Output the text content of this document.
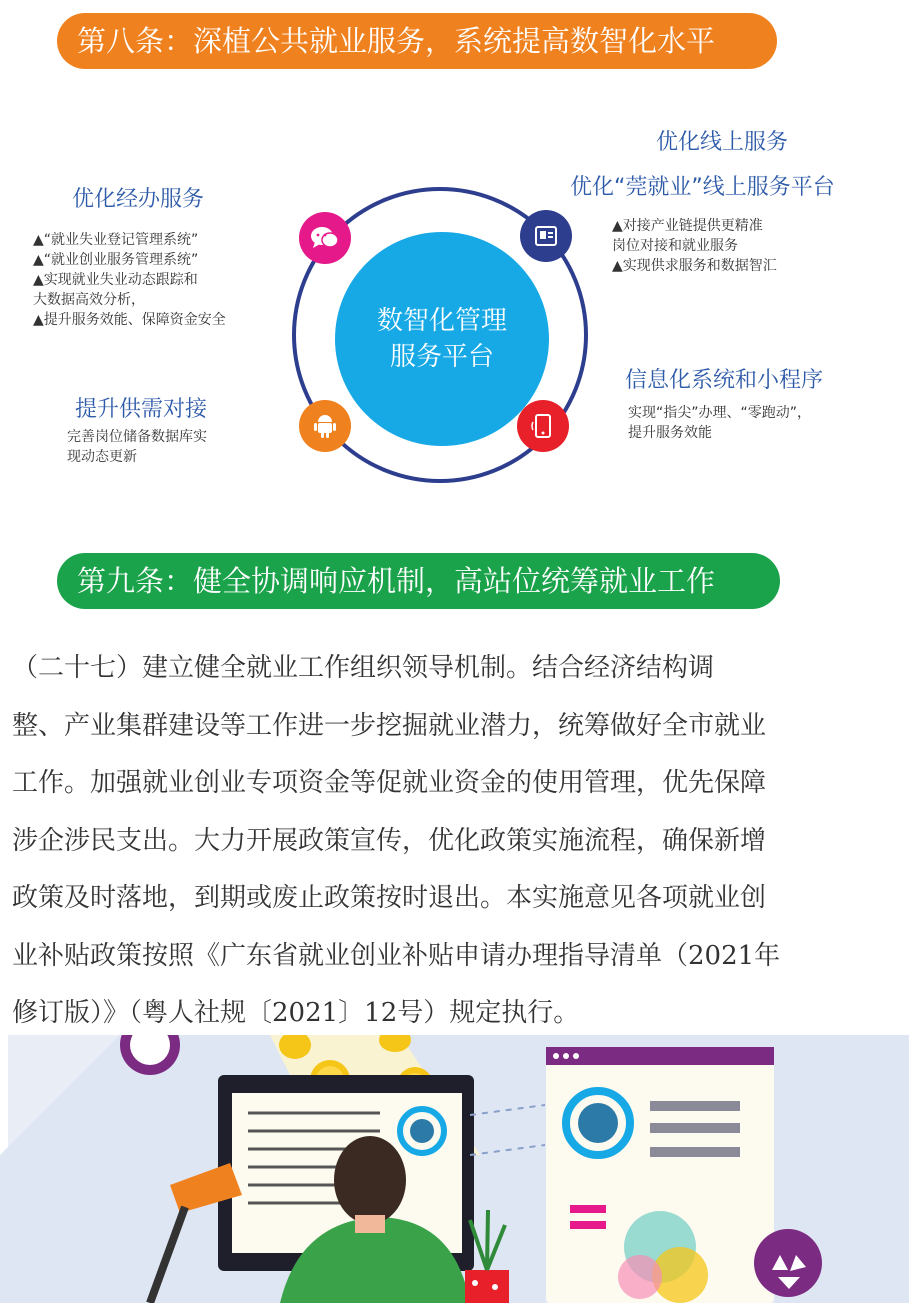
第八条：深植公共就业服务，系统提高数智化水平
优化经办服务
▲“就业失业登记管理系统”
▲“就业创业服务管理系统”
▲实现就业失业动态跟踪和
大数据高效分析，
▲提升服务效能、保障资金安全
提升供需对接
完善岗位储备数据库实
现动态更新
优化线上服务
优化“莞就业”线上服务平台
▲对接产业链提供更精准
岗位对接和就业服务
▲实现供求服务和数据智汇
信息化系统和小程序
实现“指尖”办理、“零跑动”，
提升服务效能
数智化管理
服务平台
第九条：健全协调响应机制，高站位统筹就业工作

（二十七）建立健全就业工作组织领导机制。结合经济结构调

整、产业集群建设等工作进一步挖掘就业潜力，统筹做好全市就业

工作。加强就业创业专项资金等促就业资金的使用管理，优先保障

涉企涉民支出。大力开展政策宣传，优化政策实施流程，确保新增

政策及时落地，到期或废止政策按时退出。本实施意见各项就业创

业补贴政策按照《广东省就业创业补贴申请办理指导清单（2021年

修订版）》（粤人社规〔2021〕12号）规定执行。
